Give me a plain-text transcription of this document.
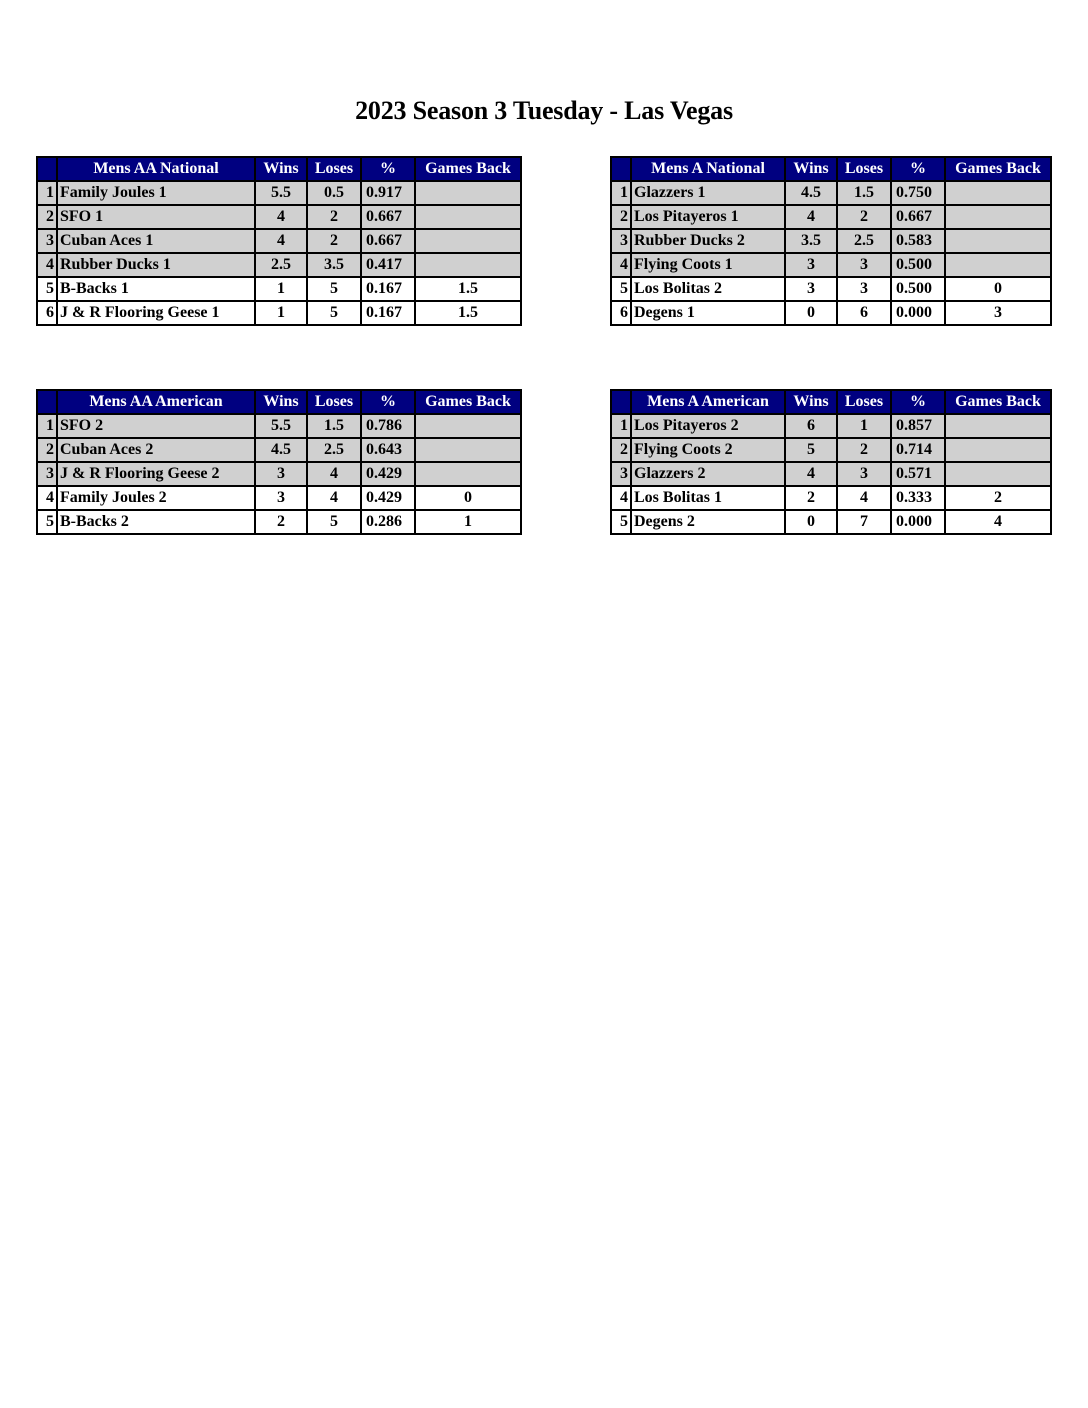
2023 Season 3 Tuesday - Las Vegas
	Mens AA National	Wins	Loses	%	Games Back
1	Family Joules 1	5.5	0.5	0.917	
2	SFO 1	4	2	0.667	
3	Cuban Aces 1	4	2	0.667	
4	Rubber Ducks 1	2.5	3.5	0.417	
5	B-Backs 1	1	5	0.167	1.5
6	J & R Flooring Geese 1	1	5	0.167	1.5
	Mens A National	Wins	Loses	%	Games Back
1	Glazzers 1	4.5	1.5	0.750	
2	Los Pitayeros 1	4	2	0.667	
3	Rubber Ducks 2	3.5	2.5	0.583	
4	Flying Coots 1	3	3	0.500	
5	Los Bolitas 2	3	3	0.500	0
6	Degens 1	0	6	0.000	3
	Mens AA American	Wins	Loses	%	Games Back
1	SFO 2	5.5	1.5	0.786	
2	Cuban Aces 2	4.5	2.5	0.643	
3	J & R Flooring Geese 2	3	4	0.429	
4	Family Joules 2	3	4	0.429	0
5	B-Backs 2	2	5	0.286	1
	Mens A American	Wins	Loses	%	Games Back
1	Los Pitayeros 2	6	1	0.857	
2	Flying Coots 2	5	2	0.714	
3	Glazzers 2	4	3	0.571	
4	Los Bolitas 1	2	4	0.333	2
5	Degens 2	0	7	0.000	4
